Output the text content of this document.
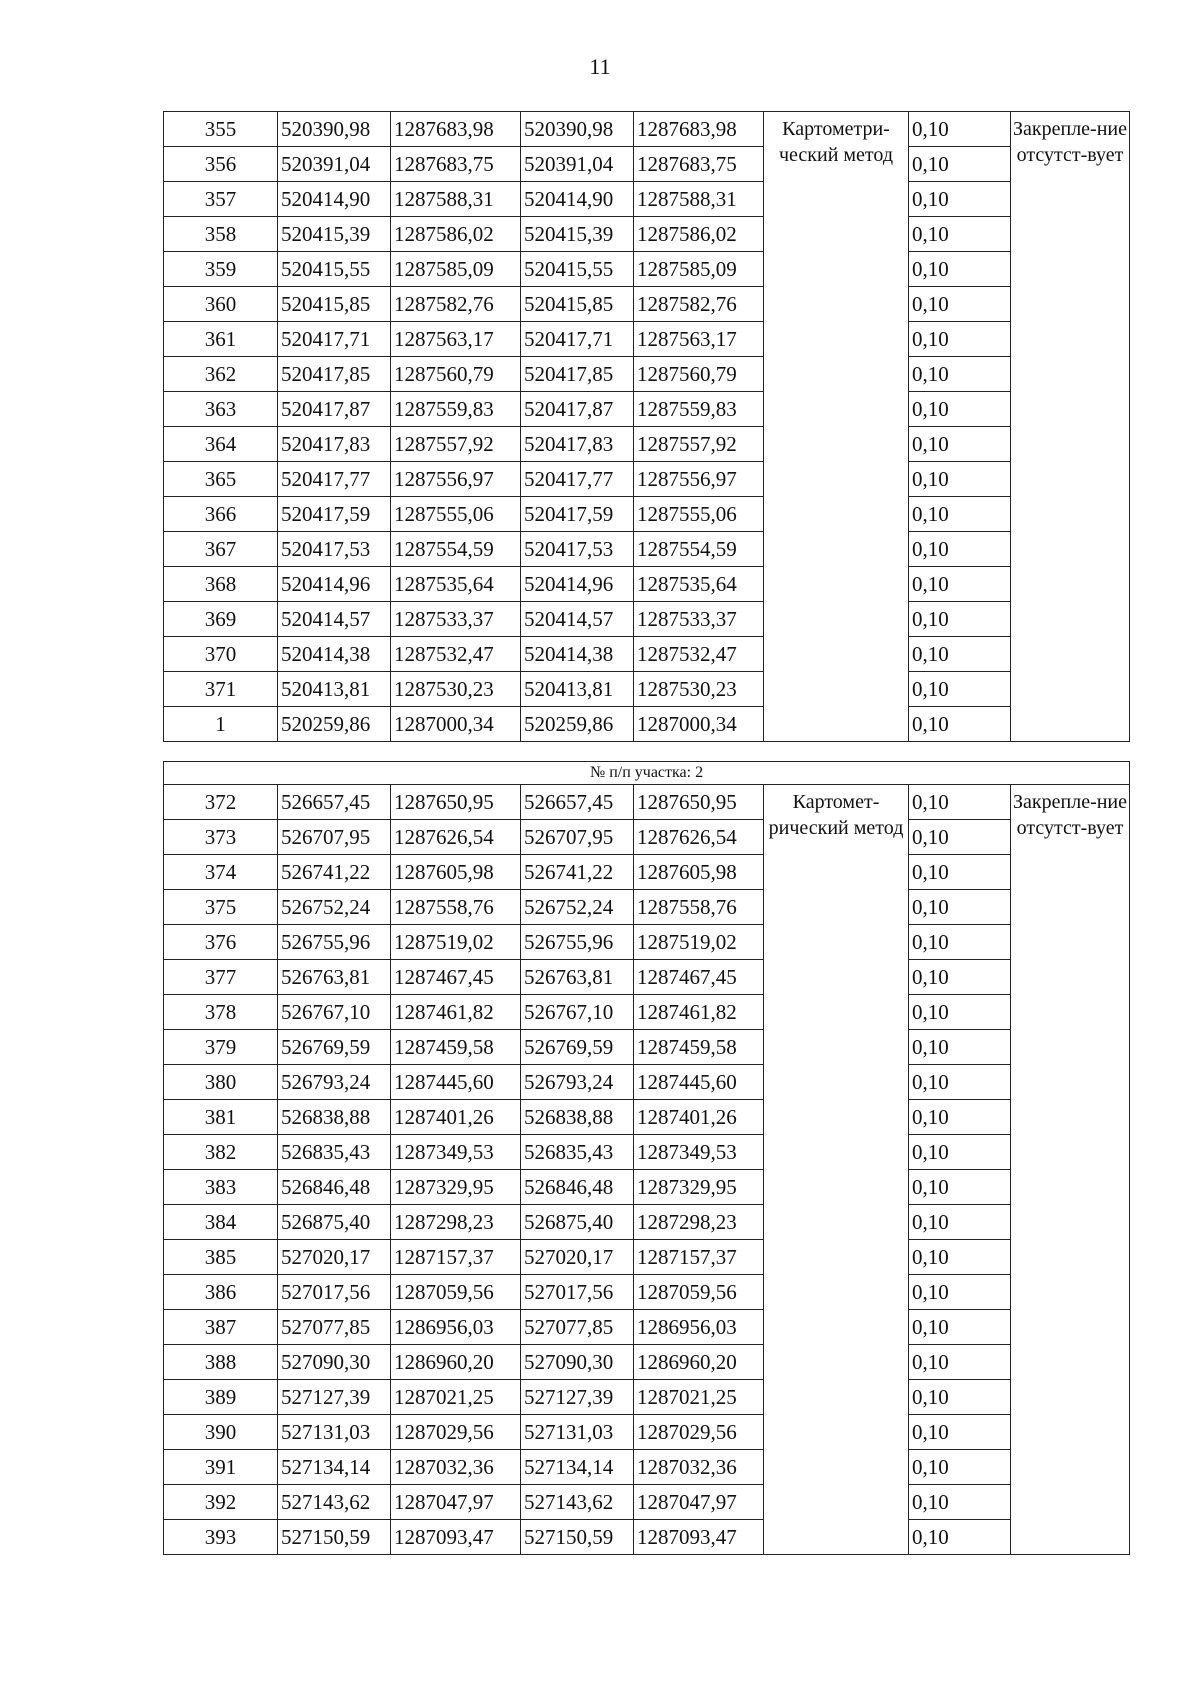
11
355	520390,98	1287683,98	520390,98	1287683,98	Картометри-ческий метод	0,10	Закрепле-ние отсутст-вует
356	520391,04	1287683,75	520391,04	1287683,75		0,10	
357	520414,90	1287588,31	520414,90	1287588,31		0,10	
358	520415,39	1287586,02	520415,39	1287586,02		0,10	
359	520415,55	1287585,09	520415,55	1287585,09		0,10	
360	520415,85	1287582,76	520415,85	1287582,76		0,10	
361	520417,71	1287563,17	520417,71	1287563,17		0,10	
362	520417,85	1287560,79	520417,85	1287560,79		0,10	
363	520417,87	1287559,83	520417,87	1287559,83		0,10	
364	520417,83	1287557,92	520417,83	1287557,92		0,10	
365	520417,77	1287556,97	520417,77	1287556,97		0,10	
366	520417,59	1287555,06	520417,59	1287555,06		0,10	
367	520417,53	1287554,59	520417,53	1287554,59		0,10	
368	520414,96	1287535,64	520414,96	1287535,64		0,10	
369	520414,57	1287533,37	520414,57	1287533,37		0,10	
370	520414,38	1287532,47	520414,38	1287532,47		0,10	
371	520413,81	1287530,23	520413,81	1287530,23		0,10	
1	520259,86	1287000,34	520259,86	1287000,34		0,10	
№ п/п участка: 2							
372	526657,45	1287650,95	526657,45	1287650,95	Картомет-рический метод	0,10	Закрепле-ние отсутст-вует
373	526707,95	1287626,54	526707,95	1287626,54		0,10	
374	526741,22	1287605,98	526741,22	1287605,98		0,10	
375	526752,24	1287558,76	526752,24	1287558,76		0,10	
376	526755,96	1287519,02	526755,96	1287519,02		0,10	
377	526763,81	1287467,45	526763,81	1287467,45		0,10	
378	526767,10	1287461,82	526767,10	1287461,82		0,10	
379	526769,59	1287459,58	526769,59	1287459,58		0,10	
380	526793,24	1287445,60	526793,24	1287445,60		0,10	
381	526838,88	1287401,26	526838,88	1287401,26		0,10	
382	526835,43	1287349,53	526835,43	1287349,53		0,10	
383	526846,48	1287329,95	526846,48	1287329,95		0,10	
384	526875,40	1287298,23	526875,40	1287298,23		0,10	
385	527020,17	1287157,37	527020,17	1287157,37		0,10	
386	527017,56	1287059,56	527017,56	1287059,56		0,10	
387	527077,85	1286956,03	527077,85	1286956,03		0,10	
388	527090,30	1286960,20	527090,30	1286960,20		0,10	
389	527127,39	1287021,25	527127,39	1287021,25		0,10	
390	527131,03	1287029,56	527131,03	1287029,56		0,10	
391	527134,14	1287032,36	527134,14	1287032,36		0,10	
392	527143,62	1287047,97	527143,62	1287047,97		0,10	
393	527150,59	1287093,47	527150,59	1287093,47		0,10	
